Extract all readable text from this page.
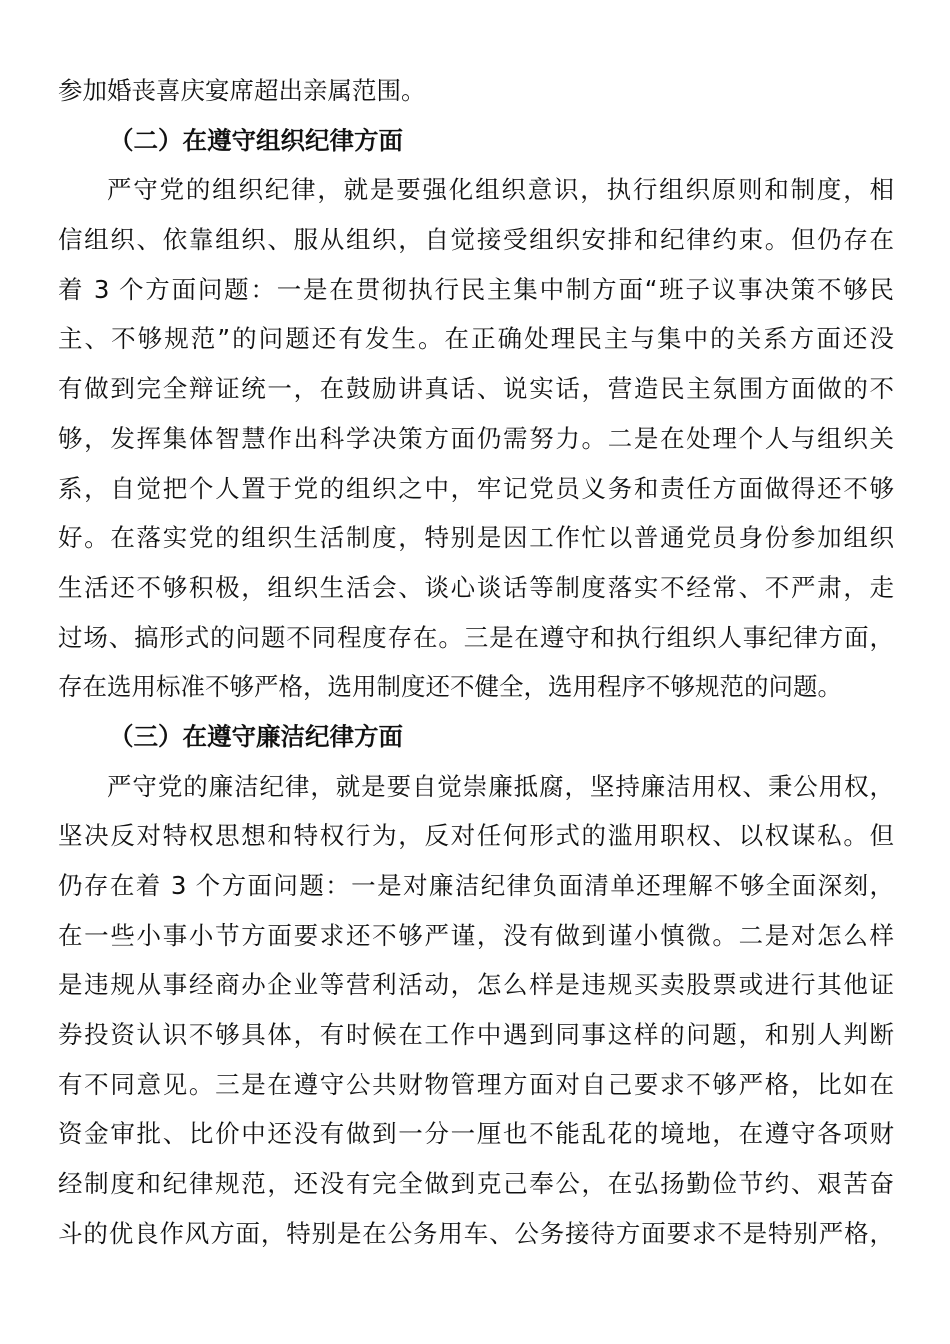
参加婚丧喜庆宴席超出亲属范围。
（二）在遵守组织纪律方面
严守党的组织纪律，就是要强化组织意识，执行组织原则和制度，相
信组织、依靠组织、服从组织，自觉接受组织安排和纪律约束。但仍存在
着 3 个方面问题：一是在贯彻执行民主集中制方面“班子议事决策不够民
主、不够规范”的问题还有发生。在正确处理民主与集中的关系方面还没
有做到完全辩证统一，在鼓励讲真话、说实话，营造民主氛围方面做的不
够，发挥集体智慧作出科学决策方面仍需努力。二是在处理个人与组织关
系，自觉把个人置于党的组织之中，牢记党员义务和责任方面做得还不够
好。在落实党的组织生活制度，特别是因工作忙以普通党员身份参加组织
生活还不够积极，组织生活会、谈心谈话等制度落实不经常、不严肃，走
过场、搞形式的问题不同程度存在。三是在遵守和执行组织人事纪律方面，
存在选用标准不够严格，选用制度还不健全，选用程序不够规范的问题。
（三）在遵守廉洁纪律方面
严守党的廉洁纪律，就是要自觉崇廉抵腐，坚持廉洁用权、秉公用权，
坚决反对特权思想和特权行为，反对任何形式的滥用职权、以权谋私。但
仍存在着 3 个方面问题：一是对廉洁纪律负面清单还理解不够全面深刻，
在一些小事小节方面要求还不够严谨，没有做到谨小慎微。二是对怎么样
是违规从事经商办企业等营利活动，怎么样是违规买卖股票或进行其他证
券投资认识不够具体，有时候在工作中遇到同事这样的问题，和别人判断
有不同意见。三是在遵守公共财物管理方面对自己要求不够严格，比如在
资金审批、比价中还没有做到一分一厘也不能乱花的境地，在遵守各项财
经制度和纪律规范，还没有完全做到克己奉公，在弘扬勤俭节约、艰苦奋
斗的优良作风方面，特别是在公务用车、公务接待方面要求不是特别严格，
